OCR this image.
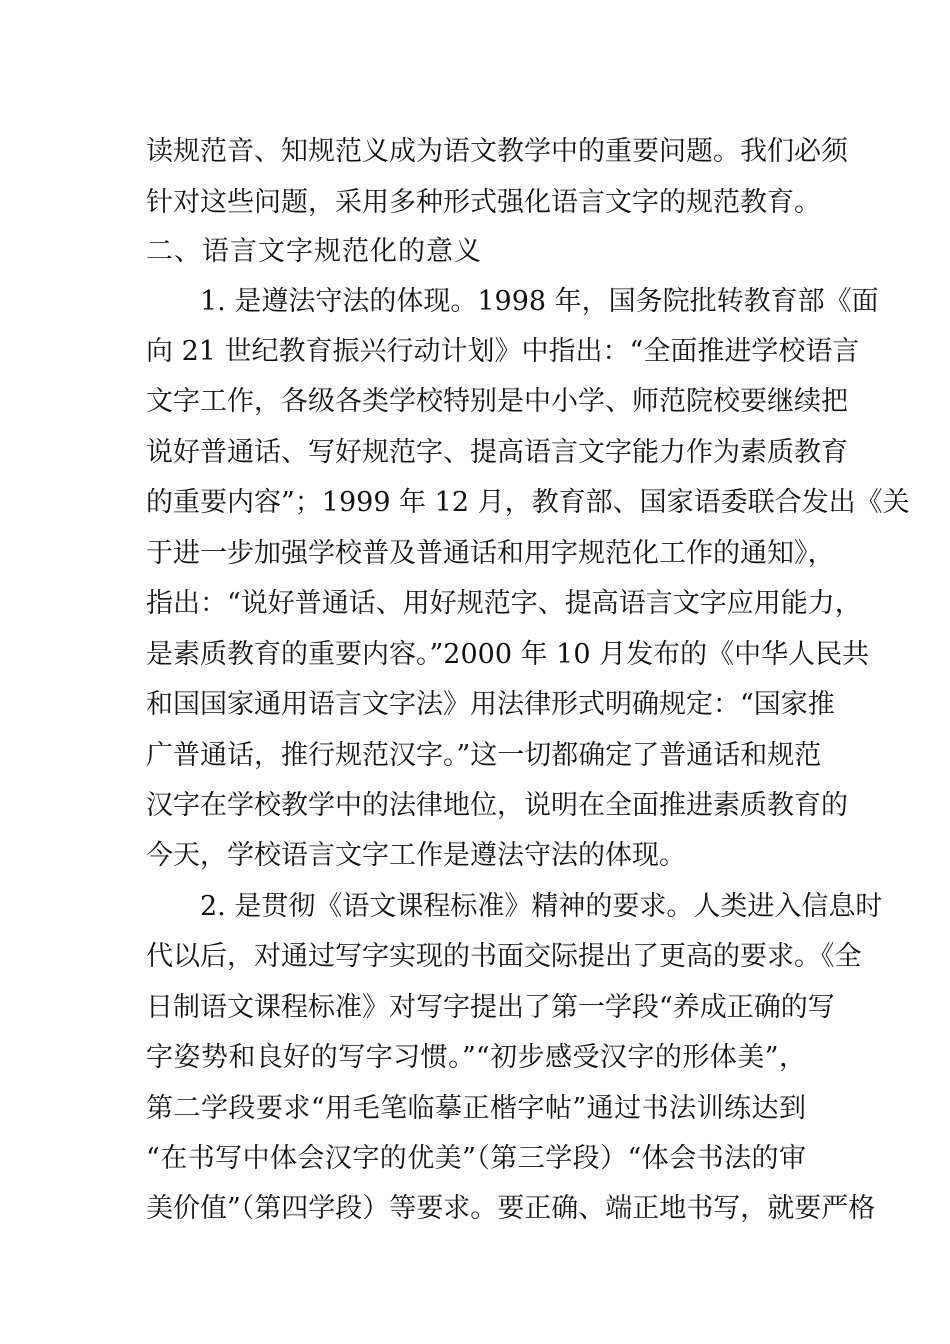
读规范音、知规范义成为语文教学中的重要问题。我们必须
针对这些问题，采用多种形式强化语言文字的规范教育。
二、语言文字规范化的意义
1. 是遵法守法的体现。1998 年，国务院批转教育部《面
向 21 世纪教育振兴行动计划》中指出：“全面推进学校语言
文字工作，各级各类学校特别是中小学、师范院校要继续把
说好普通话、写好规范字、提高语言文字能力作为素质教育
的重要内容”；1999 年 12 月，教育部、国家语委联合发出《关
于进一步加强学校普及普通话和用字规范化工作的通知》，
指出：“说好普通话、用好规范字、提高语言文字应用能力，
是素质教育的重要内容。”2000 年 10 月发布的《中华人民共
和国国家通用语言文字法》用法律形式明确规定：“国家推
广普通话，推行规范汉字。”这一切都确定了普通话和规范
汉字在学校教学中的法律地位，说明在全面推进素质教育的
今天，学校语言文字工作是遵法守法的体现。
2. 是贯彻《语文课程标准》精神的要求。人类进入信息时
代以后，对通过写字实现的书面交际提出了更高的要求。《全
日制语文课程标准》对写字提出了第一学段“养成正确的写
字姿势和良好的写字习惯。”“初步感受汉字的形体美”，
第二学段要求“用毛笔临摹正楷字帖”通过书法训练达到
“在书写中体会汉字的优美”（第三学段）“体会书法的审
美价值”（第四学段）等要求。要正确、端正地书写，就要严格
